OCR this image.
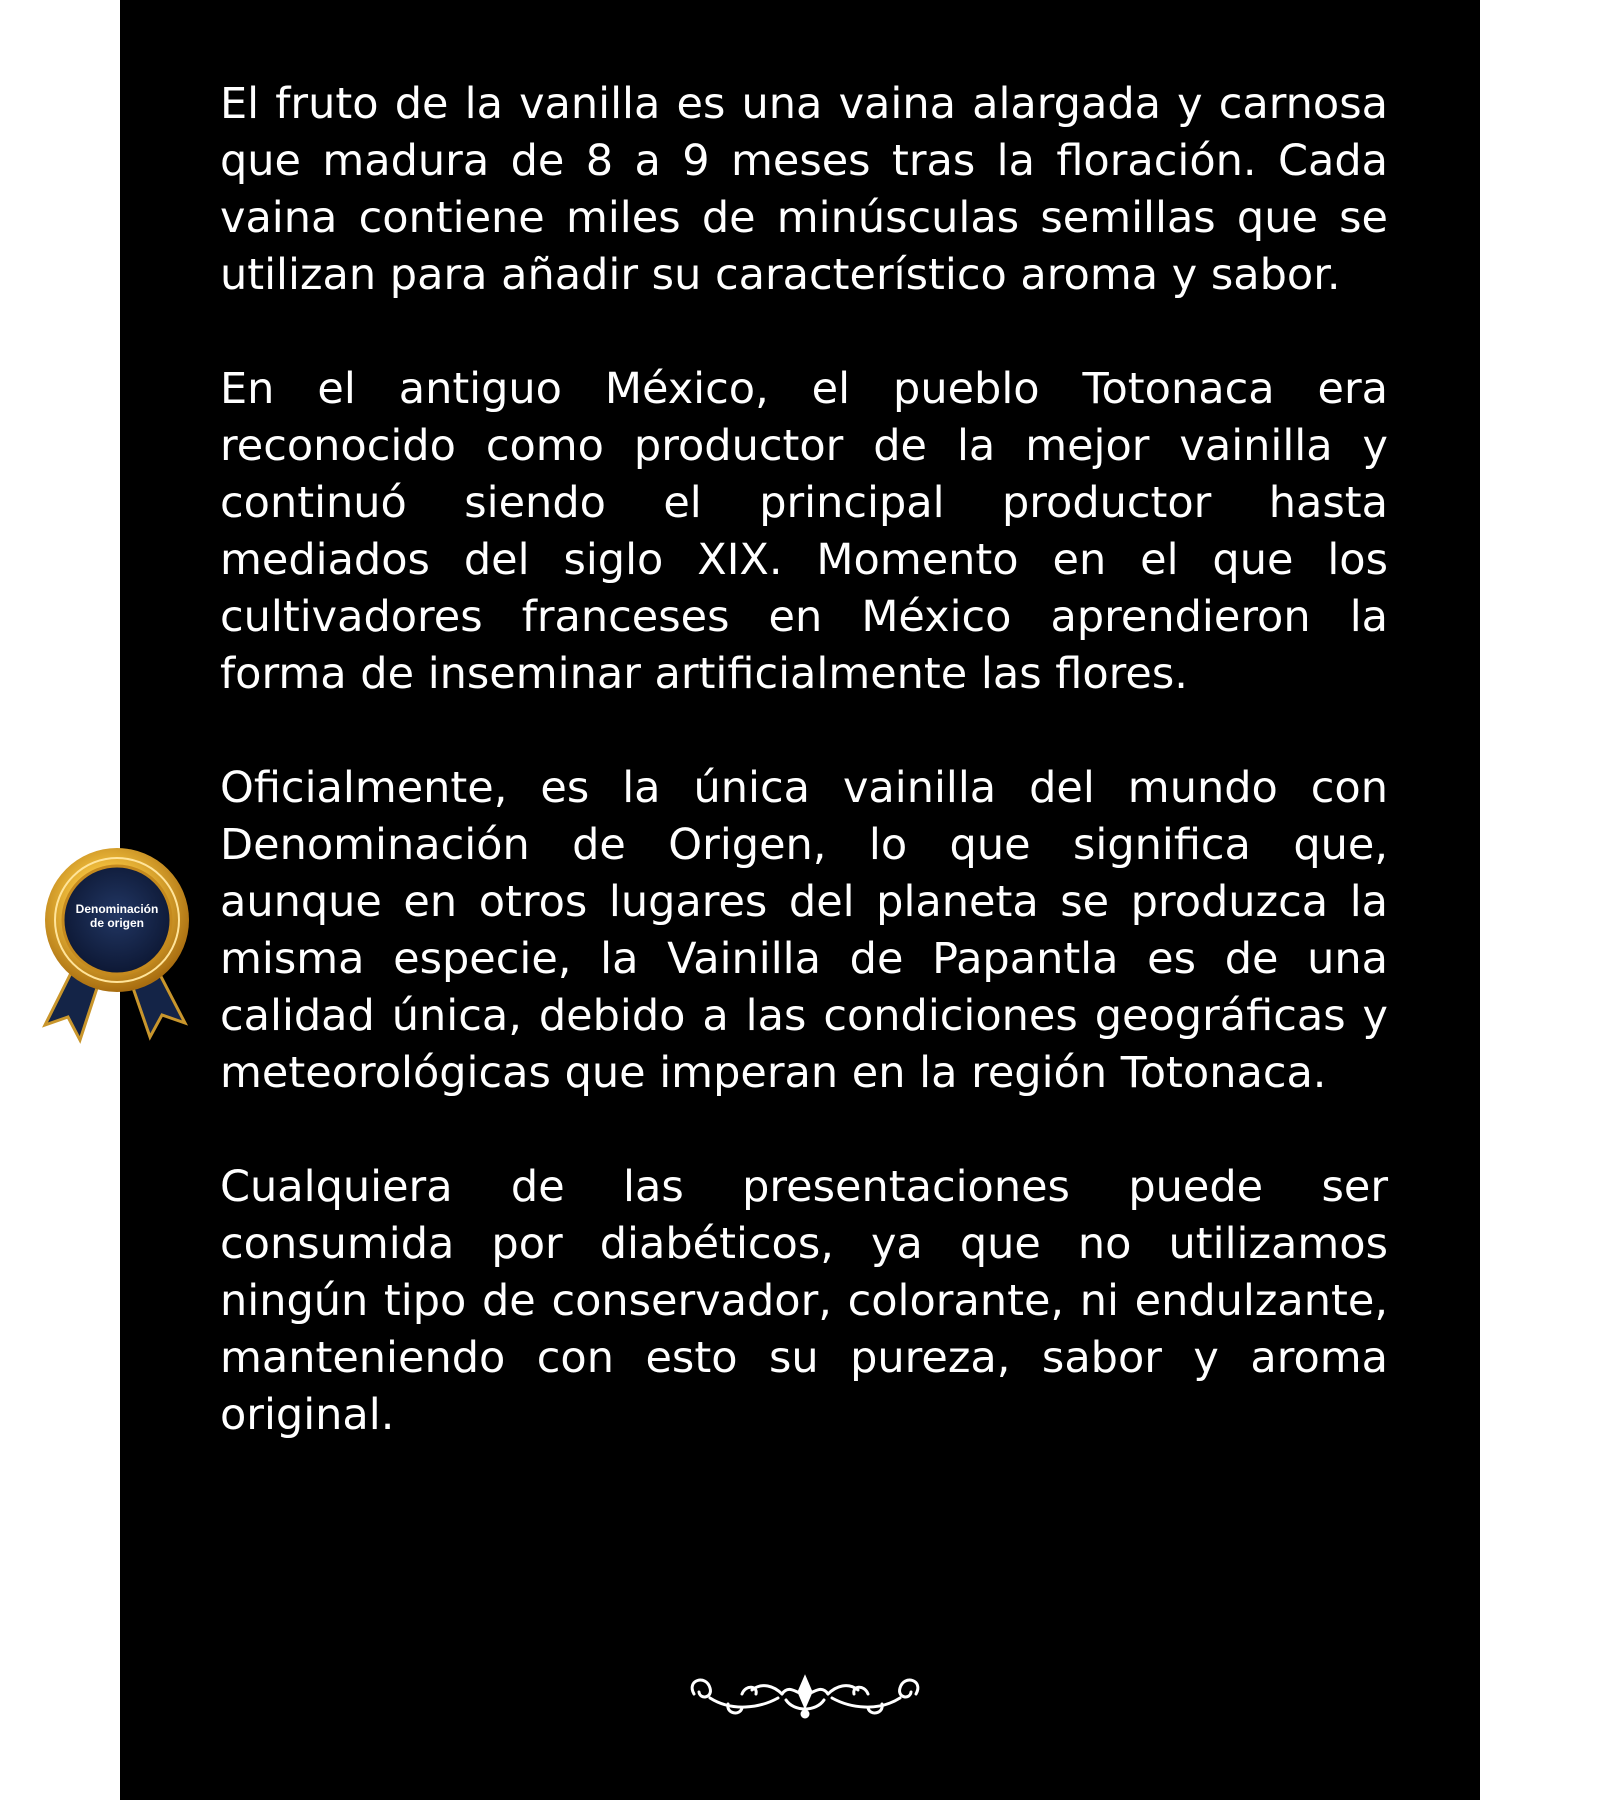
El fruto de la vanilla es una vaina alargada y carnosa que madura de 8 a 9 meses tras la floración. Cada vaina contiene miles de minúsculas semillas que se utilizan para añadir su característico aroma y sabor.

En el antiguo México, el pueblo Totonaca era reconocido como productor de la mejor vainilla y continuó siendo el principal productor hasta mediados del siglo XIX. Momento en el que los cultivadores franceses en México aprendieron la forma de inseminar artificialmente las flores.

Oficialmente, es la única vainilla del mundo con Denominación de Origen, lo que significa que, aunque en otros lugares del planeta se produzca la misma especie, la Vainilla de Papantla es de una calidad única, debido a las condiciones geográficas y meteorológicas que imperan en la región Totonaca.

Cualquiera de las presentaciones puede ser consumida por diabéticos, ya que no utilizamos ningún tipo de conservador, colorante, ni endulzante, manteniendo con esto su pureza, sabor y aroma original.

Denominación
de origen
